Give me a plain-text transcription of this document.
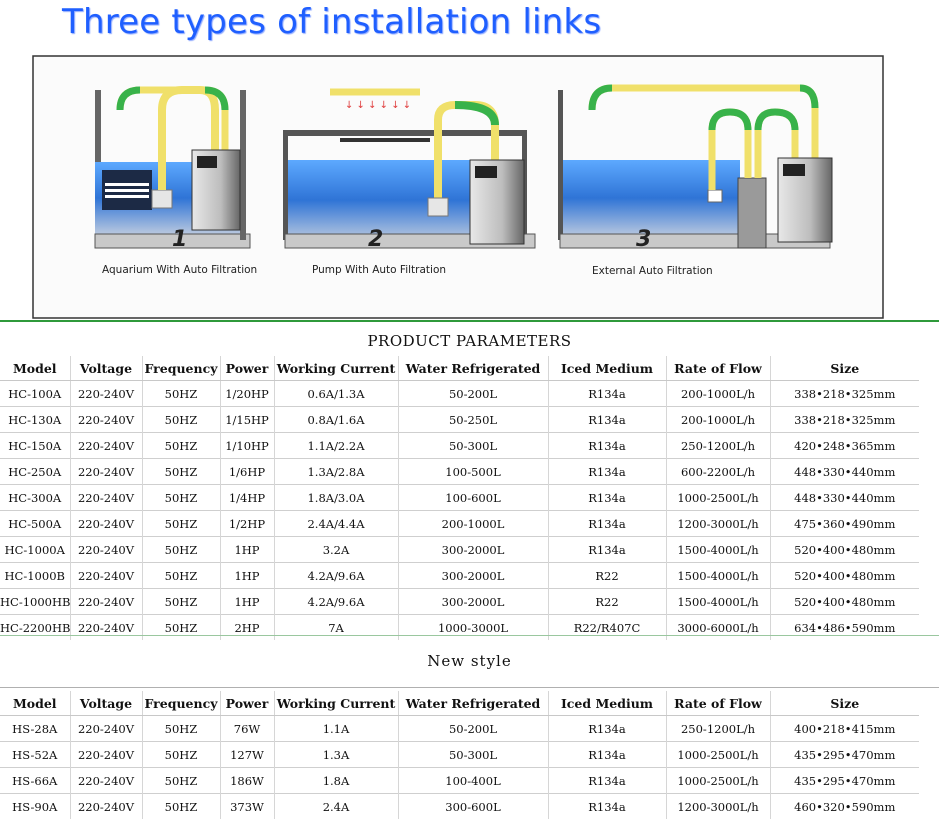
Three types of installation links
1
↓ ↓ ↓ ↓ ↓ ↓
2	3
Aquarium With Auto Filtration	Pump With Auto Filtration	External Auto Filtration
PRODUCT PARAMETERS
Model	Voltage	Frequency	Power	Working Current	Water Refrigerated	Iced Medium	Rate of Flow	Size
HC-100A	220-240V	50HZ	1/20HP	0.6A/1.3A	50-200L	R134a	200-1000L/h	338•218•325mm
HC-130A	220-240V	50HZ	1/15HP	0.8A/1.6A	50-250L	R134a	200-1000L/h	338•218•325mm
HC-150A	220-240V	50HZ	1/10HP	1.1A/2.2A	50-300L	R134a	250-1200L/h	420•248•365mm
HC-250A	220-240V	50HZ	1/6HP	1.3A/2.8A	100-500L	R134a	600-2200L/h	448•330•440mm
HC-300A	220-240V	50HZ	1/4HP	1.8A/3.0A	100-600L	R134a	1000-2500L/h	448•330•440mm
HC-500A	220-240V	50HZ	1/2HP	2.4A/4.4A	200-1000L	R134a	1200-3000L/h	475•360•490mm
HC-1000A	220-240V	50HZ	1HP	3.2A	300-2000L	R134a	1500-4000L/h	520•400•480mm
HC-1000B	220-240V	50HZ	1HP	4.2A/9.6A	300-2000L	R22	1500-4000L/h	520•400•480mm
HC-1000HB	220-240V	50HZ	1HP	4.2A/9.6A	300-2000L	R22	1500-4000L/h	520•400•480mm
HC-2200HB	220-240V	50HZ	2HP	7A	1000-3000L	R22/R407C	3000-6000L/h	634•486•590mm
New style
Model	Voltage	Frequency	Power	Working Current	Water Refrigerated	Iced Medium	Rate of Flow	Size
HS-28A	220-240V	50HZ	76W	1.1A	50-200L	R134a	250-1200L/h	400•218•415mm
HS-52A	220-240V	50HZ	127W	1.3A	50-300L	R134a	1000-2500L/h	435•295•470mm
HS-66A	220-240V	50HZ	186W	1.8A	100-400L	R134a	1000-2500L/h	435•295•470mm
HS-90A	220-240V	50HZ	373W	2.4A	300-600L	R134a	1200-3000L/h	460•320•590mm
